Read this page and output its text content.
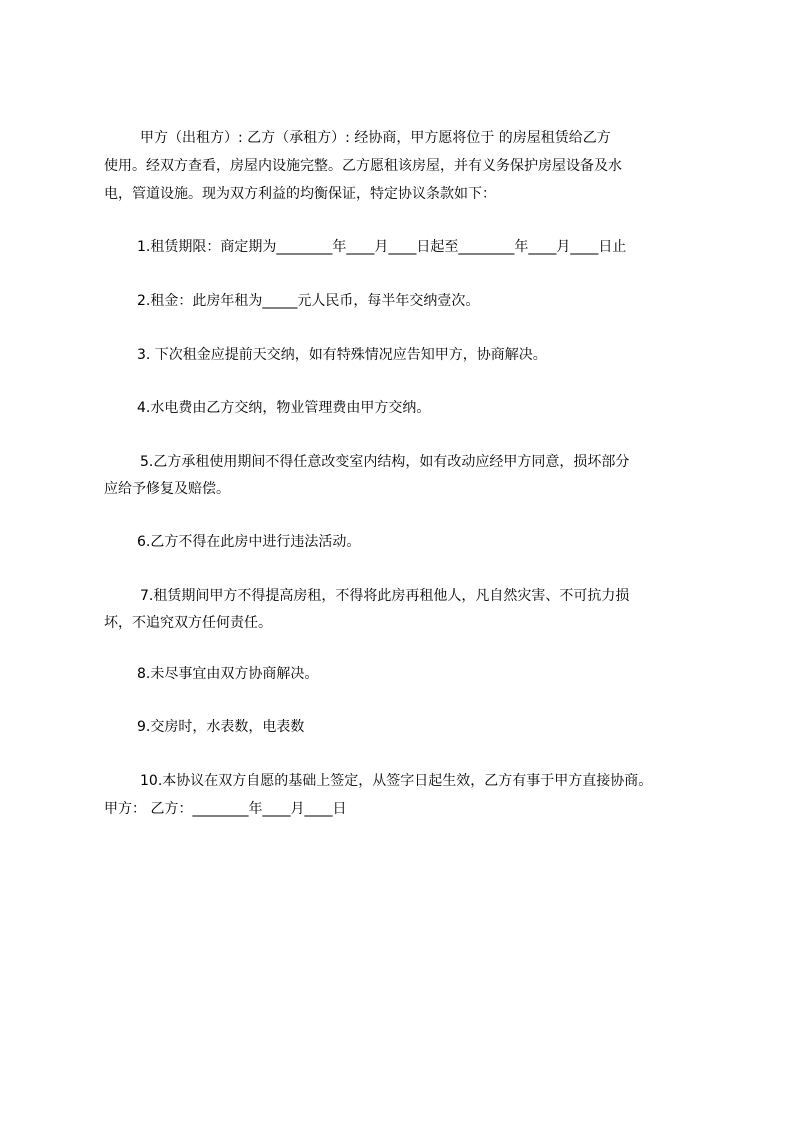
甲方（出租方）: 乙方（承租方）: 经协商，甲方愿将位于 的房屋租赁给乙方
使用。经双方查看，房屋内设施完整。乙方愿租该房屋，并有义务保护房屋设备及水
电，管道设施。现为双方利益的均衡保证，特定协议条款如下：
1.租赁期限：商定期为________年____月____日起至________年____月____日止
2.租金：此房年租为_____元人民币，每半年交纳壹次。
3. 下次租金应提前天交纳，如有特殊情况应告知甲方，协商解决。
4.水电费由乙方交纳，物业管理费由甲方交纳。
5.乙方承租使用期间不得任意改变室内结构，如有改动应经甲方同意，损坏部分
应给予修复及赔偿。
6.乙方不得在此房中进行违法活动。
7.租赁期间甲方不得提高房租，不得将此房再租他人，凡自然灾害、不可抗力损
坏，不追究双方任何责任。
8.未尽事宜由双方协商解决。
9.交房时，水表数，电表数
10.本协议在双方自愿的基础上签定，从签字日起生效，乙方有事于甲方直接协商。
甲方： 乙方：________年____月____日
